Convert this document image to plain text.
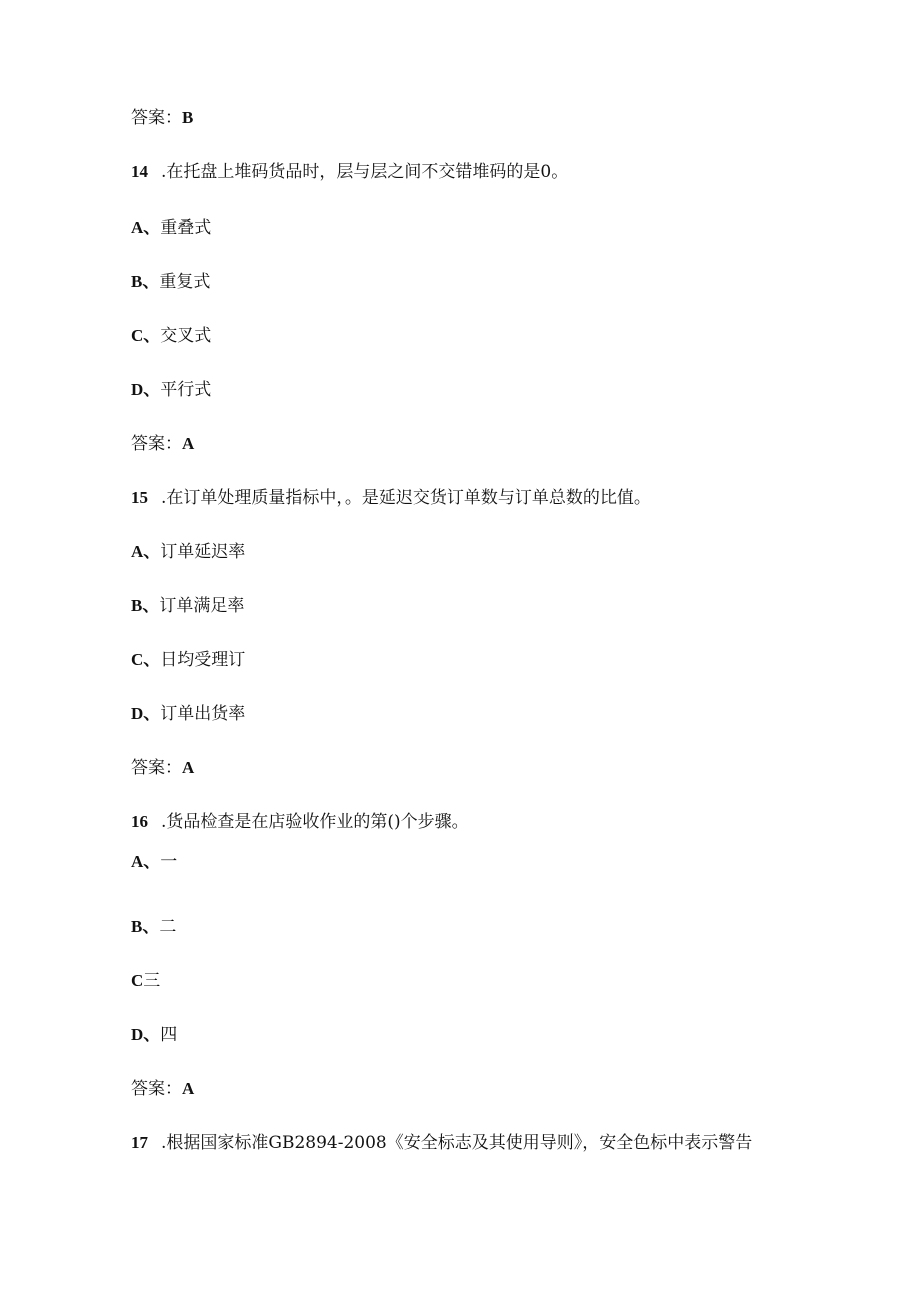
答案：B
14 .在托盘上堆码货品时，层与层之间不交错堆码的是0。
A、重叠式
B、重复式
C、交叉式
D、平行式
答案：A
15 .在订单处理质量指标中，。是延迟交货订单数与订单总数的比值。
A、订单延迟率
B、订单满足率
C、日均受理订
D、订单出货率
答案：A
16 .货品检查是在店验收作业的第()个步骤。
A、一
B、二
C三
D、四
答案：A
17 .根据国家标准GB2894-2008《安全标志及其使用导则》，安全色标中表示警告
